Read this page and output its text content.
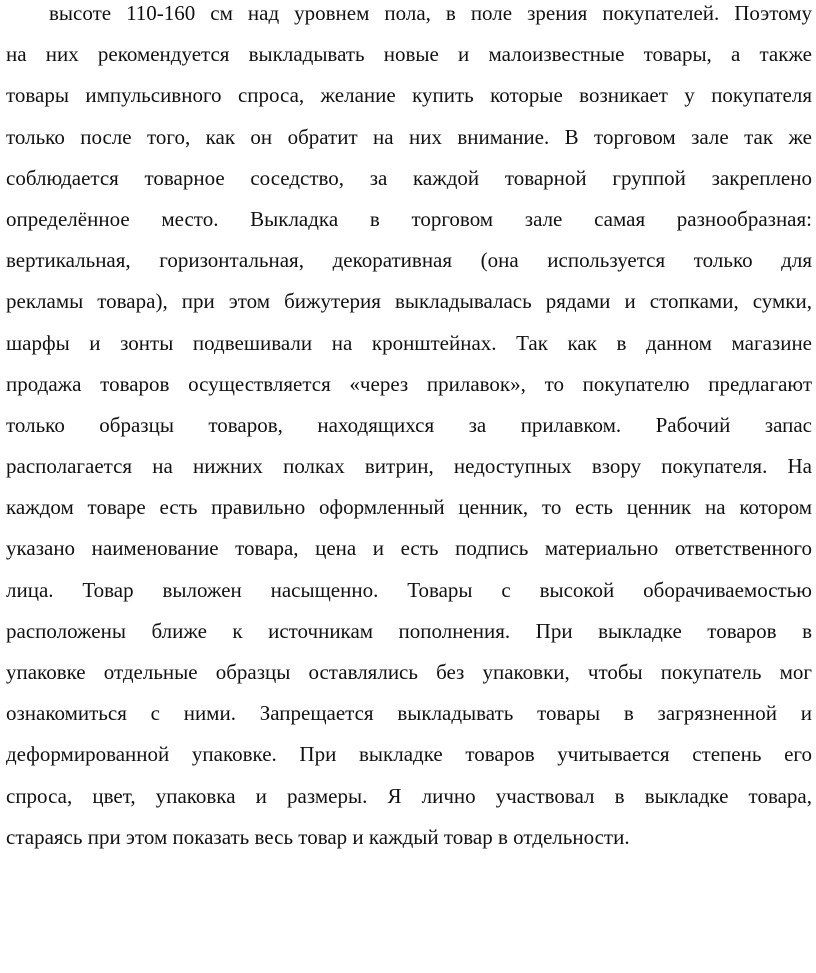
высоте 110-160 см над уровнем пола, в поле зрения покупателей. Поэтому
на них рекомендуется выкладывать новые и малоизвестные товары, а также
товары импульсивного спроса, желание купить которые возникает у покупателя
только после того, как он обратит на них внимание. В торговом зале так же
соблюдается товарное соседство, за каждой товарной группой закреплено
определённое место. Выкладка в торговом зале самая разнообразная:
вертикальная, горизонтальная, декоративная (она используется только для
рекламы товара), при этом бижутерия выкладывалась рядами и стопками, сумки,
шарфы и зонты подвешивали на кронштейнах. Так как в данном магазине
продажа товаров осуществляется «через прилавок», то покупателю предлагают
только образцы товаров, находящихся за прилавком. Рабочий запас
располагается на нижних полках витрин, недоступных взору покупателя. На
каждом товаре есть правильно оформленный ценник, то есть ценник на котором
указано наименование товара, цена и есть подпись материально ответственного
лица. Товар выложен насыщенно. Товары с высокой оборачиваемостью
расположены ближе к источникам пополнения. При выкладке товаров в
упаковке отдельные образцы оставлялись без упаковки, чтобы покупатель мог
ознакомиться с ними. Запрещается выкладывать товары в загрязненной и
деформированной упаковке. При выкладке товаров учитывается степень его
спроса, цвет, упаковка и размеры. Я лично участвовал в выкладке товара,
стараясь при этом показать весь товар и каждый товар в отдельности.
